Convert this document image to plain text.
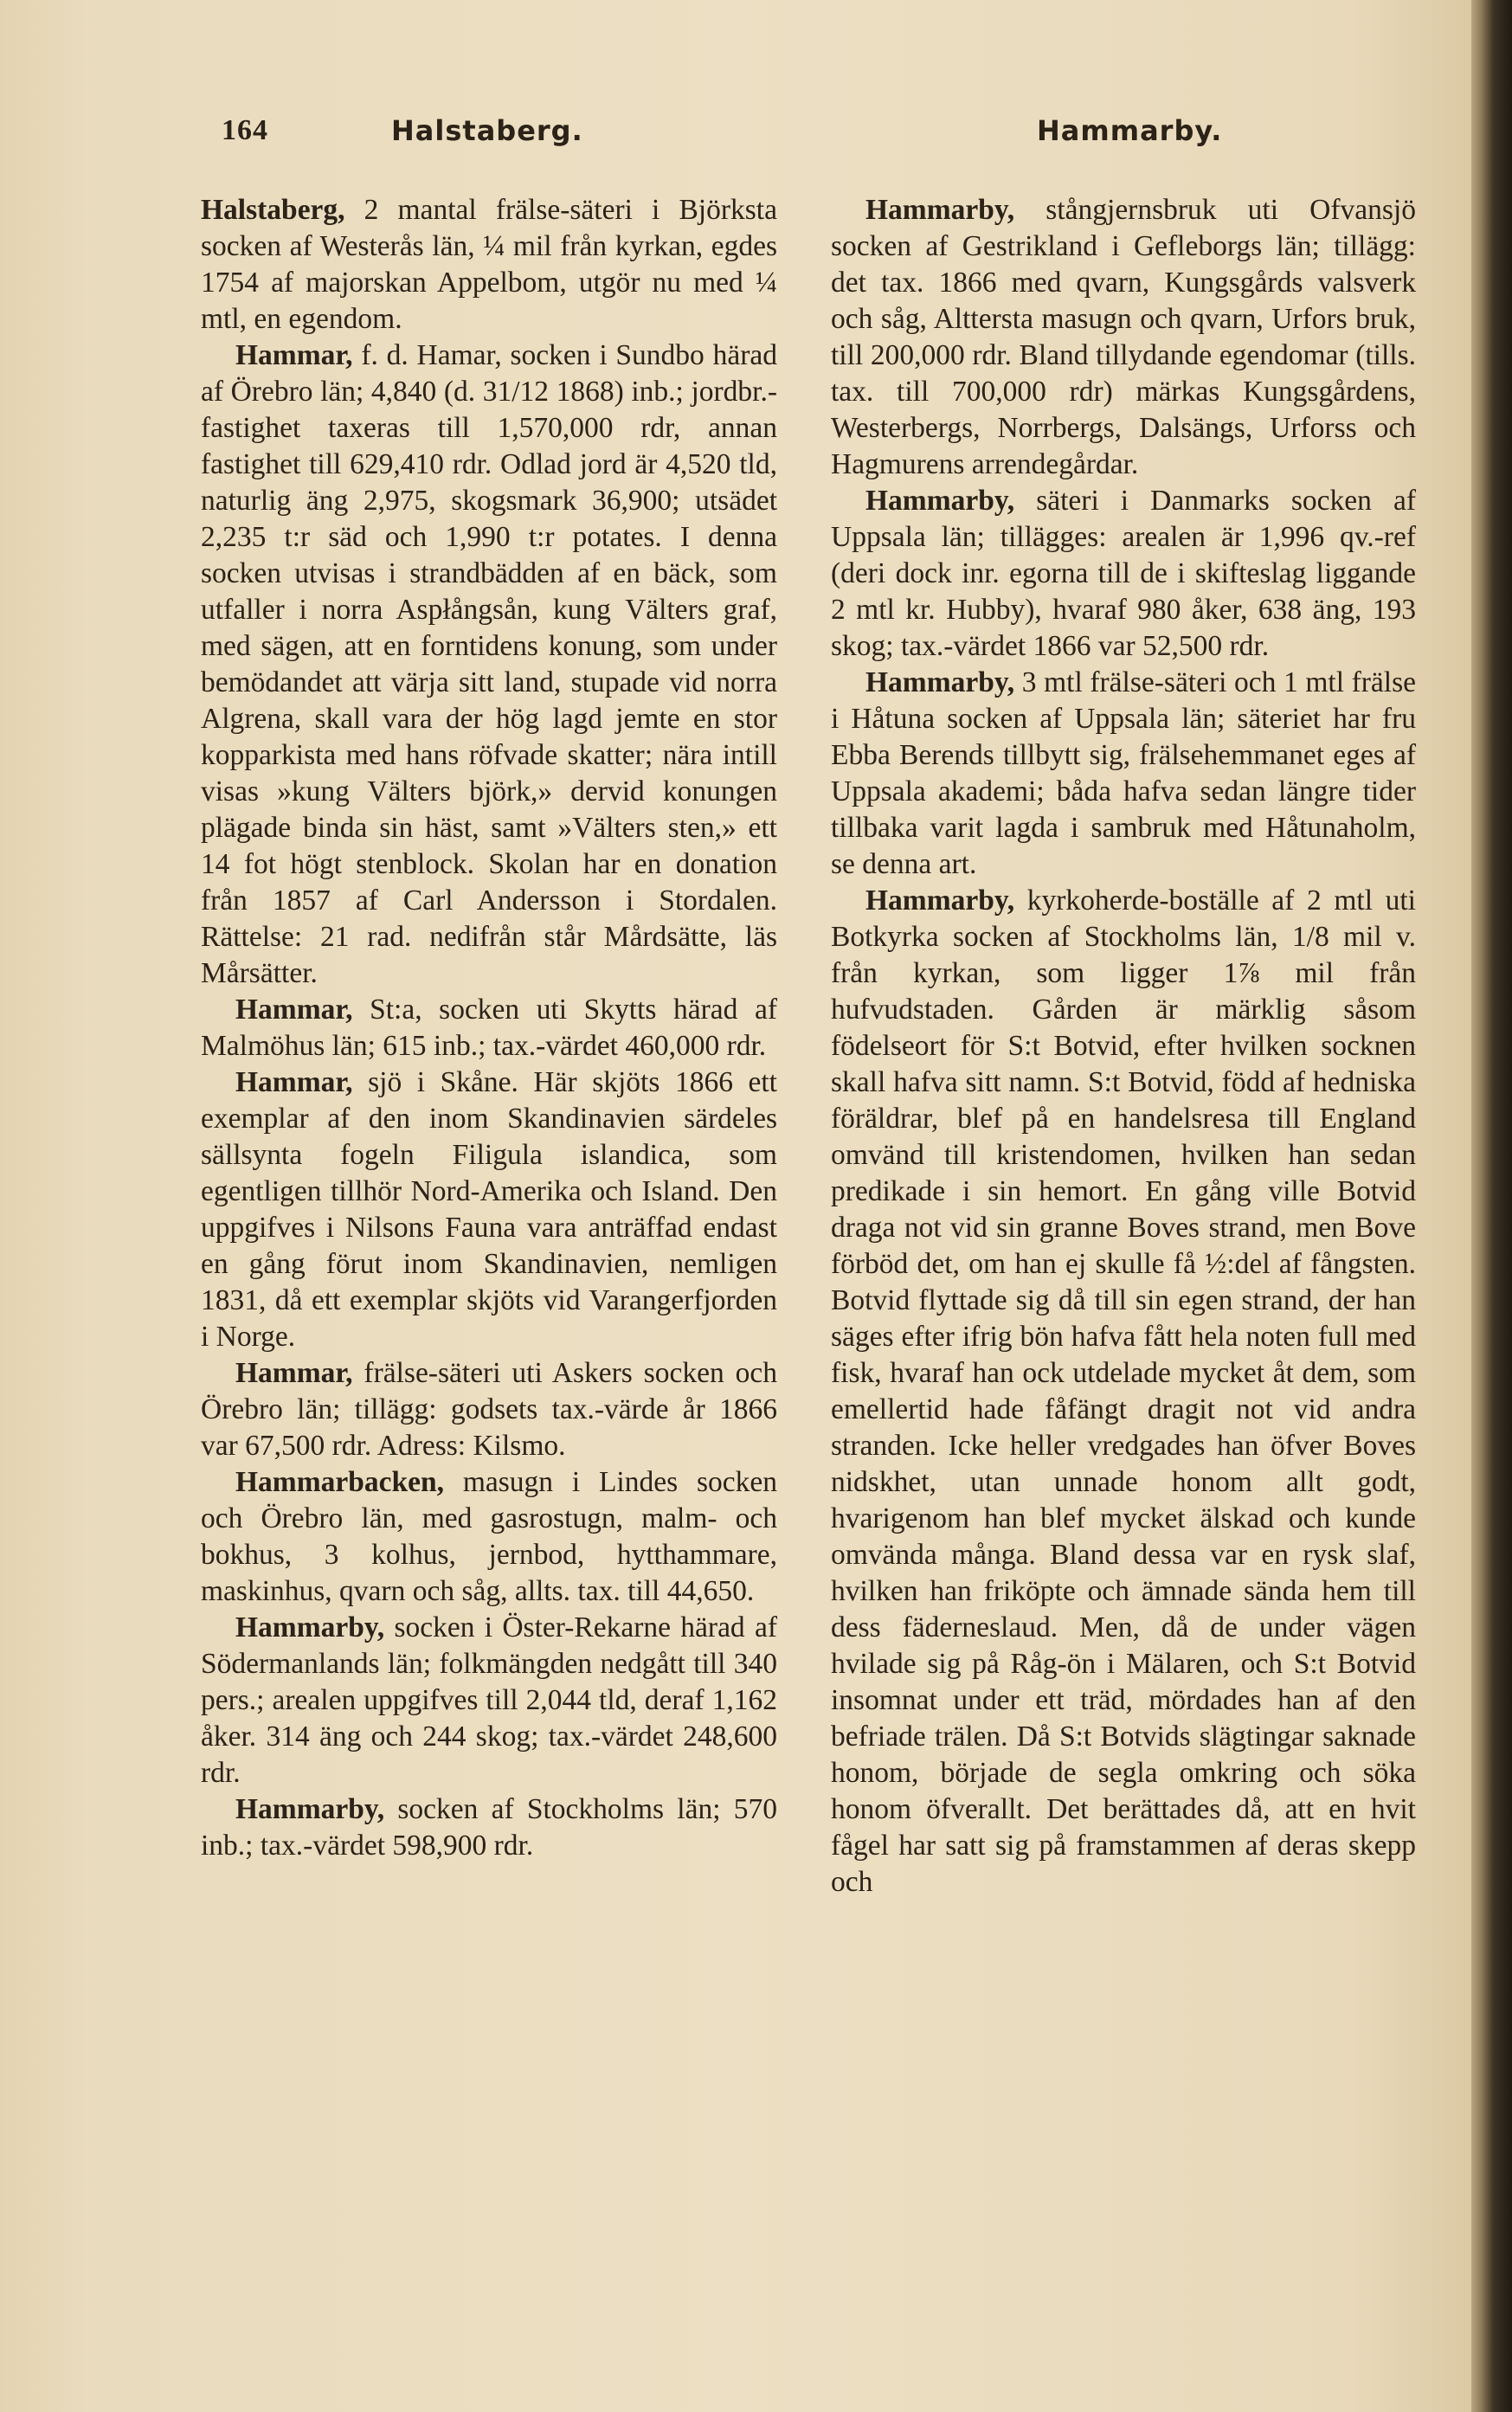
164	Halstaberg.	Hammarby.

Halstaberg, 2 mantal frälse-säteri i Björksta socken af Westerås län, ¼ mil från kyrkan, egdes 1754 af majorskan Appelbom, utgör nu med ¼ mtl, en egendom.

Hammar, f. d. Hamar, socken i Sundbo härad af Örebro län; 4,840 (d. 31/12 1868) inb.; jordbr.-fastighet taxeras till 1,570,000 rdr, annan fastighet till 629,410 rdr. Odlad jord är 4,520 tld, naturlig äng 2,975, skogsmark 36,900; utsädet 2,235 t:r säd och 1,990 t:r potates. I denna socken utvisas i strandbädden af en bäck, som utfaller i norra Aspłångsån, kung Välters graf, med sägen, att en forntidens konung, som under bemödandet att värja sitt land, stupade vid norra Algrena, skall vara der hög lagd jemte en stor kopparkista med hans röfvade skatter; nära intill visas »kung Välters björk,» dervid konungen plägade binda sin häst, samt »Välters sten,» ett 14 fot högt stenblock. Skolan har en donation från 1857 af Carl Andersson i Stordalen. Rättelse: 21 rad. nedifrån står Mårdsätte, läs Mårsätter.

Hammar, St:a, socken uti Skytts härad af Malmöhus län; 615 inb.; tax.-värdet 460,000 rdr.

Hammar, sjö i Skåne. Här skjöts 1866 ett exemplar af den inom Skandinavien särdeles sällsynta fogeln Filigula islandica, som egentligen tillhör Nord-Amerika och Island. Den uppgifves i Nilsons Fauna vara anträffad endast en gång förut inom Skandinavien, nemligen 1831, då ett exemplar skjöts vid Varangerfjorden i Norge.

Hammar, frälse-säteri uti Askers socken och Örebro län; tillägg: godsets tax.-värde år 1866 var 67,500 rdr. Adress: Kilsmo.

Hammarbacken, masugn i Lindes socken och Örebro län, med gasrostugn, malm- och bokhus, 3 kolhus, jernbod, hytthammare, maskinhus, qvarn och såg, allts. tax. till 44,650.

Hammarby, socken i Öster-Rekarne härad af Södermanlands län; folkmängden nedgått till 340 pers.; arealen uppgifves till 2,044 tld, deraf 1,162 åker. 314 äng och 244 skog; tax.-värdet 248,600 rdr.

Hammarby, socken af Stockholms län; 570 inb.; tax.-värdet 598,900 rdr.

Hammarby, stångjernsbruk uti Ofvansjö socken af Gestrikland i Gefleborgs län; tillägg: det tax. 1866 med qvarn, Kungsgårds valsverk och såg, Alttersta masugn och qvarn, Urfors bruk, till 200,000 rdr. Bland tillydande egendomar (tills. tax. till 700,000 rdr) märkas Kungsgårdens, Westerbergs, Norrbergs, Dalsängs, Urforss och Hagmurens arrendegårdar.

Hammarby, säteri i Danmarks socken af Uppsala län; tillägges: arealen är 1,996 qv.-ref (deri dock inr. egorna till de i skifteslag liggande 2 mtl kr. Hubby), hvaraf 980 åker, 638 äng, 193 skog; tax.-värdet 1866 var 52,500 rdr.

Hammarby, 3 mtl frälse-säteri och 1 mtl frälse i Håtuna socken af Uppsala län; säteriet har fru Ebba Berends tillbytt sig, frälsehemmanet eges af Uppsala akademi; båda hafva sedan längre tider tillbaka varit lagda i sambruk med Håtunaholm, se denna art.

Hammarby, kyrkoherde-boställe af 2 mtl uti Botkyrka socken af Stockholms län, 1/8 mil v. från kyrkan, som ligger 1⅞ mil från hufvudstaden. Gården är märklig såsom födelseort för S:t Botvid, efter hvilken socknen skall hafva sitt namn. S:t Botvid, född af hedniska föräldrar, blef på en handelsresa till England omvänd till kristendomen, hvilken han sedan predikade i sin hemort. En gång ville Botvid draga not vid sin granne Boves strand, men Bove förböd det, om han ej skulle få ½:del af fångsten. Botvid flyttade sig då till sin egen strand, der han säges efter ifrig bön hafva fått hela noten full med fisk, hvaraf han ock utdelade mycket åt dem, som emellertid hade fåfängt dragit not vid andra stranden. Icke heller vredgades han öfver Boves nidskhet, utan unnade honom allt godt, hvarigenom han blef mycket älskad och kunde omvända många. Bland dessa var en rysk slaf, hvilken han friköpte och ämnade sända hem till dess fäderneslaud. Men, då de under vägen hvilade sig på Råg-ön i Mälaren, och S:t Botvid insomnat under ett träd, mördades han af den befriade trälen. Då S:t Botvids slägtingar saknade honom, började de segla omkring och söka honom öfverallt. Det berättades då, att en hvit fågel har satt sig på framstammen af deras skepp och
